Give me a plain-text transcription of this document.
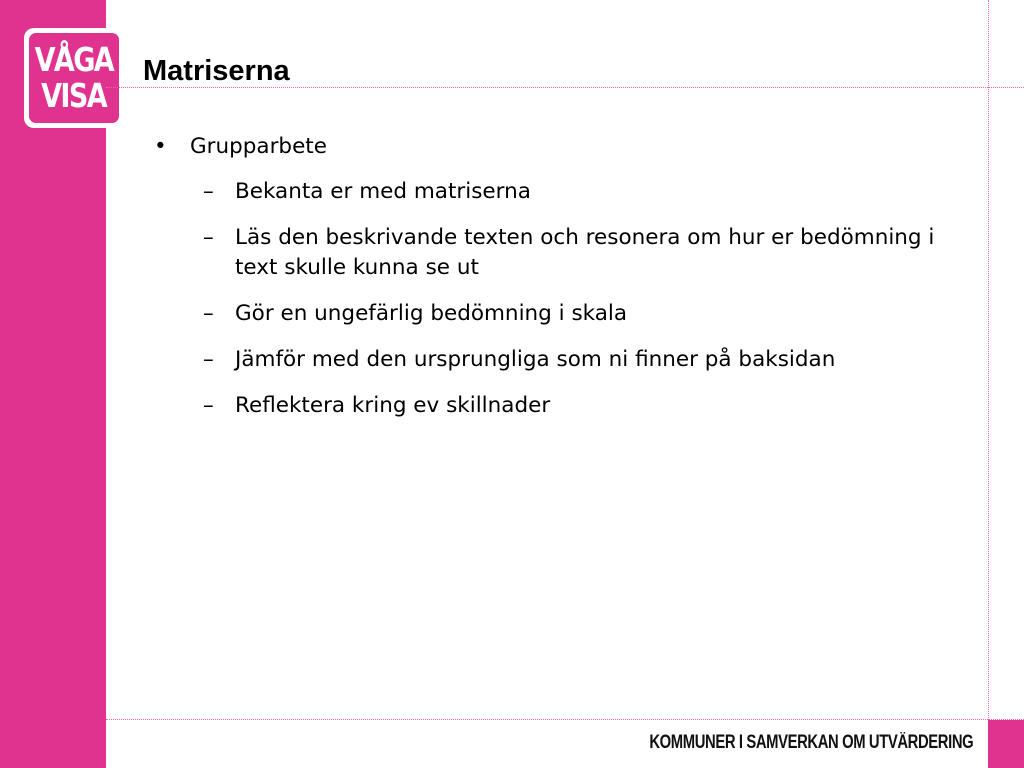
VÅGA
VISA
Matriserna
• Grupparbete
– Bekanta er med matriserna
– Läs den beskrivande texten och resonera om hur er bedömning i text skulle kunna se ut
– Gör en ungefärlig bedömning i skala
– Jämför med den ursprungliga som ni finner på baksidan
– Reflektera kring ev skillnader
KOMMUNER I SAMVERKAN OM UTVÄRDERING
